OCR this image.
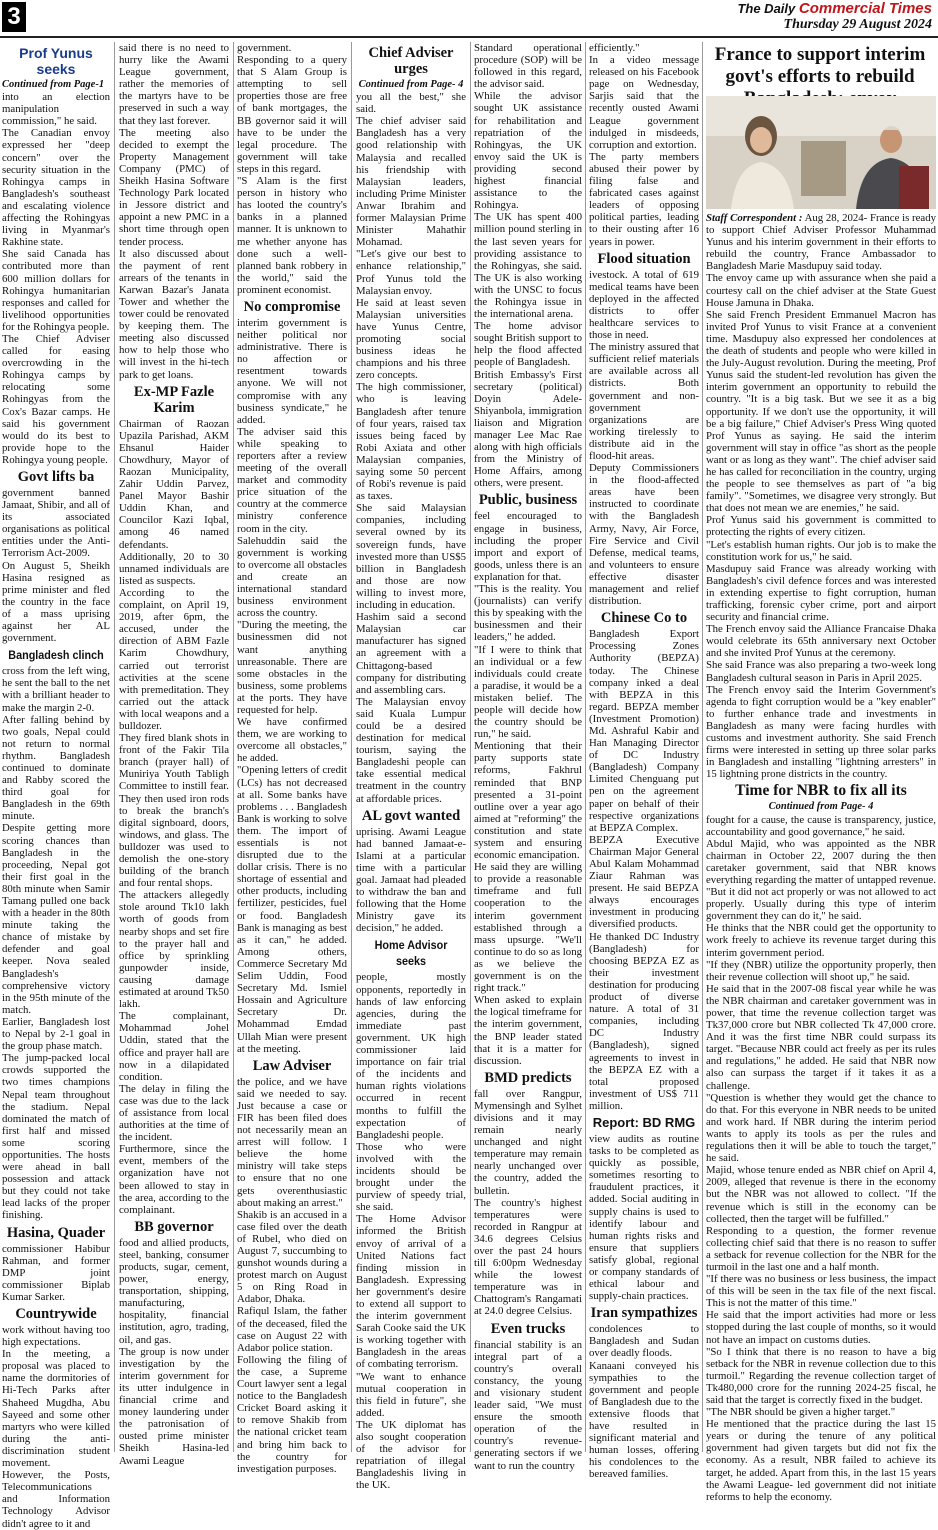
3	The Daily Commercial Times
Thursday 29 August 2024
Prof Yunus seeks
Continued from Page-1

into an election manipulation commission," he said.

The Canadian envoy expressed her "deep concern" over the security situation in the Rohingya camps in Bangladesh's southeast and escalating violence affecting the Rohingyas living in Myanmar's Rakhine state.

She said Canada has contributed more than 600 million dollars for Rohingya humanitarian responses and called for livelihood opportunities for the Rohingya people.

The Chief Adviser called for easing overcrowding in the Rohingya camps by relocating some Rohingyas from the Cox's Bazar camps. He said his government would do its best to provide hope to the Rohingya young people.

Govt lifts ba

government banned Jamaat, Shibir, and all of its associated organisations as political entities under the Anti-Terrorism Act-2009.

On August 5, Sheikh Hasina resigned as prime minister and fled the country in the face of a mass uprising against her AL government.

Bangladesh clinch

cross from the left wing, he sent the ball to the net with a brilliant header to make the margin 2-0.

After falling behind by two goals, Nepal could not return to normal rhythm. Bangladesh continued to dominate and Rabby scored the third goal for Bangladesh in the 69th minute.

Despite getting more scoring chances than Bangladesh in the proceeding, Nepal got their first goal in the 80th minute when Samir Tamang pulled one back with a header in the 80th minute taking the chance of mistake by defender and goal keeper. Nova sealed Bangladesh's comprehensive victory in the 95th minute of the match.

Earlier, Bangladesh lost to Nepal by 2-1 goal in the group phase match.

The jump-packed local crowds supported the two times champions Nepal team throughout the stadium. Nepal dominated the match of first half and missed some scoring opportunities. The hosts were ahead in ball possession and attack but they could not take lead lacks of the proper finishing.

Hasina, Quader

commissioner Habibur Rahman, and former DMP joint commissioner Biplab Kumar Sarker.

Countrywide

work without having too high expectations.

In the meeting, a proposal was placed to name the dormitories of Hi-Tech Parks after Shaheed Mugdha, Abu Sayeed and some other martyrs who were killed during the anti-discrimination student movement.

However, the Posts, Telecommunications and Information Technology Advisor didn't agree to it and

said there is no need to hurry like the Awami League government, rather the memories of the martyrs have to be preserved in such a way that they last forever.

The meeting also decided to exempt the Property Management Company (PMC) of Sheikh Hasina Software Technology Park located in Jessore district and appoint a new PMC in a short time through open tender process.

It also discussed about the payment of rent arrears of the tenants in Karwan Bazar's Janata Tower and whether the tower could be renovated by keeping them. The meeting also discussed how to help those who will invest in the hi-tech park to get loans.

Ex-MP Fazle Karim

Chairman of Raozan Upazila Parishad, AKM Ehsanul Haider Chowdhury, Mayor of Raozan Municipality, Zahir Uddin Parvez, Panel Mayor Bashir Uddin Khan, and Councilor Kazi Iqbal, among 46 named defendants.

Additionally, 20 to 30 unnamed individuals are listed as suspects.

According to the complaint, on April 19, 2019, after 6pm, the accused, under the direction of ABM Fazle Karim Chowdhury, carried out terrorist activities at the scene with premeditation. They carried out the attack with local weapons and a bulldozer.

They fired blank shots in front of the Fakir Tila branch (prayer hall) of Muniriya Youth Tabligh Committee to instill fear. They then used iron rods to break the branch's digital signboard, doors, windows, and glass. The bulldozer was used to demolish the one-story building of the branch and four rental shops.

The attackers allegedly stole around Tk10 lakh worth of goods from nearby shops and set fire to the prayer hall and office by sprinkling gunpowder inside, causing damage estimated at around Tk50 lakh.

The complainant, Mohammad Johel Uddin, stated that the office and prayer hall are now in a dilapidated condition.

The delay in filing the case was due to the lack of assistance from local authorities at the time of the incident.

Furthermore, since the event, members of the organization have not been allowed to stay in the area, according to the complainant.

BB governor

food and allied products, steel, banking, consumer products, sugar, cement, power, energy, transportation, shipping, manufacturing, hospitality, financial institution, agro, trading, oil, and gas.

The group is now under investigation by the interim government for its utter indulgence in financial crime and money laundering under the patronisation of ousted prime minister Sheikh Hasina-led Awami League

government.

Responding to a query that S Alam Group is attempting to sell properties those are free of bank mortgages, the BB governor said it will have to be under the legal procedure. The government will take steps in this regard.

"S Alam is the first person in history who has looted the country's banks in a planned manner. It is unknown to me whether anyone has done such a well-planned bank robbery in the world," said the prominent economist.

No compromise

interim government is neither political nor administrative. There is no affection or resentment towards anyone. We will not compromise with any business syndicate," he added.

The adviser said this while speaking to reporters after a review meeting of the overall market and commodity price situation of the country at the commerce ministry conference room in the city.

Salehuddin said the government is working to overcome all obstacles and create an international standard business environment across the country.

"During the meeting, the businessmen did not want anything unreasonable. There are some obstacles in the business, some problems at the ports. They have requested for help.

We have confirmed them, we are working to overcome all obstacles," he added.

"Opening letters of credit (LCs) has not decreased at all. Some banks have problems . . . Bangladesh Bank is working to solve them. The import of essentials is not disrupted due to the dollar crisis. There is no shortage of essential and other products, including fertilizer, pesticides, fuel or food. Bangladesh Bank is managing as best as it can," he added. Among others, Commerce Secretary Md Selim Uddin, Food Secretary Md. Ismiel Hossain and Agriculture Secretary Dr. Mohammad Emdad Ullah Mian were present at the meeting.

Law Adviser

the police, and we have said we needed to say. Just because a case or FIR has been filed does not necessarily mean an arrest will follow. I believe the home ministry will take steps to ensure that no one gets overenthusiastic about making an arrest."

Shakib is an accused in a case filed over the death of Rubel, who died on August 7, succumbing to gunshot wounds during a protest march on August 5 on Ring Road in Adabor, Dhaka.

Rafiqul Islam, the father of the deceased, filed the case on August 22 with Adabor police station.

Following the filing of the case, a Supreme Court lawyer sent a legal notice to the Bangladesh Cricket Board asking it to remove Shakib from the national cricket team and bring him back to the country for investigation purposes.

Chief Adviser urges
Continued from Page- 4

you all the best," she said.

The chief adviser said Bangladesh has a very good relationship with Malaysia and recalled his friendship with Malaysian leaders, including Prime Minister Anwar Ibrahim and former Malaysian Prime Minister Mahathir Mohamad.

"Let's give our best to enhance relationship," Prof Yunus told the Malaysian envoy.

He said at least seven Malaysian universities have Yunus Centre, promoting social business ideas he champions and his three zero concepts.

The high commissioner, who is leaving Bangladesh after tenure of four years, raised tax issues being faced by Robi Axiata and other Malaysian companies, saying some 50 percent of Robi's revenue is paid as taxes.

She said Malaysian companies, including several owned by its sovereign funds, have invested more than US$5 billion in Bangladesh and those are now willing to invest more, including in education.

Hashim said a second Malaysian car manufacturer has signed an agreement with a Chittagong-based company for distributing and assembling cars.

The Malaysian envoy said Kuala Lumpur could be a desired destination for medical tourism, saying the Bangladeshi people can take essential medical treatment in the country at affordable prices.

AL govt wanted

uprising. Awami League had banned Jamaat-e-Islami at a particular time with a particular goal. Jamaat had pleaded to withdraw the ban and following that the Home Ministry gave its decision," he added.

Home Advisor seeks

people, mostly opponents, reportedly in hands of law enforcing agencies, during the immediate past government. UK high commissioner laid importance on fair trial of the incidents and human rights violations occurred in recent months to fulfill the expectation of Bangladeshi people.

Those who were involved with the incidents should be brought under the purview of speedy trial, she said.

The Home Advisor informed the British envoy of arrival of a United Nations fact finding mission in Bangladesh. Expressing her government's desire to extend all support to the interim government Sarah Cooke said the UK is working together with Bangladesh in the areas of combating terrorism.

"We want to enhance mutual cooperation in this field in future", she added.

The UK diplomat has also sought cooperation of the advisor for repatriation of illegal Bangladeshis living in the UK.

Standard operational procedure (SOP) will be followed in this regard, the advisor said.

While the advisor sought UK assistance for rehabilitation and repatriation of the Rohingyas, the UK envoy said the UK is providing second highest financial assistance to the Rohingya.

The UK has spent 400 million pound sterling in the last seven years for providing assistance to the Rohingyas, she said. The UK is also working with the UNSC to focus the Rohingya issue in the international arena.

The home advisor sought British support to help the flood affected people of Bangladesh.

British Embassy's First secretary (political) Doyin Adele-Shiyanbola, immigration liaison and Migration manager Lee Mac Rae along with high officials from the Ministry of Home Affairs, among others, were present.

Public, business

feel encouraged to engage in business, including the proper import and export of goods, unless there is an explanation for that.

"This is the reality. You (journalists) can verify this by speaking with the businessmen and their leaders," he added.

"If I were to think that an individual or a few individuals could create a paradise, it would be a mistaken belief. The people will decide how the country should be run," he said.

Mentioning that their party supports state reforms, Fakhrul reminded that BNP presented a 31-point outline over a year ago aimed at "reforming" the constitution and state system and ensuring economic emancipation.

He said they are willing to provide a reasonable timeframe and full cooperation to the interim government established through a mass upsurge. "We'll continue to do so as long as we believe the government is on the right track."

When asked to explain the logical timeframe for the interim government, the BNP leader stated that it is a matter for discussion.

BMD predicts

fall over Rangpur, Mymensingh and Sylhet divisions and it may remain nearly unchanged and night temperature may remain nearly unchanged over the country, added the bulletin.

The country's highest temperatures were recorded in Rangpur at 34.6 degrees Celsius over the past 24 hours till 6:00pm Wednesday while the lowest temperature was in Chattogram's Rangamati at 24.0 degree Celsius.

Even trucks

financial stability is an integral part of a country's overall constancy, the young and visionary student leader said, "We must ensure the smooth operation of the country's revenue-generating sectors if we want to run the country

efficiently."

In a video message released on his Facebook page on Wednesday, Sarjis said that the recently ousted Awami League government indulged in misdeeds, corruption and extortion.

The party members abused their power by filing false and fabricated cases against leaders of opposing political parties, leading to their ousting after 16 years in power.

Flood situation

ivestock. A total of 619 medical teams have been deployed in the affected districts to offer healthcare services to those in need.

The ministry assured that sufficient relief materials are available across all districts. Both government and non-government organizations are working tirelessly to distribute aid in the flood-hit areas.

Deputy Commissioners in the flood-affected areas have been instructed to coordinate with the Bangladesh Army, Navy, Air Force, Fire Service and Civil Defense, medical teams, and volunteers to ensure effective disaster management and relief distribution.

Chinese Co to

Bangladesh Export Processing Zones Authority (BEPZA) today. The Chinese company inked a deal with BEPZA in this regard. BEPZA member (Investment Promotion) Md. Ashraful Kabir and Han Managing Director of DC Industry (Bangladesh) Company Limited Chenguang put pen on the agreement paper on behalf of their respective organizations at BEPZA Complex.

BEPZA Executive Chairman Major General Abul Kalam Mohammad Ziaur Rahman was present. He said BEPZA always encourages investment in producing diversified products.

He thanked DC Industry (Bangladesh) for choosing BEPZA EZ as their investment destination for producing product of diverse nature. A total of 31 companies, including DC Industry (Bangladesh), signed agreements to invest in the BEPZA EZ with a total proposed investment of US$ 711 million.

Report: BD RMG

view audits as routine tasks to be completed as quickly as possible, sometimes resorting to fraudulent practices, it added. Social auditing in supply chains is used to identify labour and human rights risks and ensure that suppliers satisfy global, regional or company standards of ethical labour and supply-chain practices.

Iran sympathizes

condolences to Bangladesh and Sudan over deadly floods.

Kanaani conveyed his sympathies to the government and people of Bangladesh due to the extensive floods that have resulted in significant material and human losses, offering his condolences to the bereaved families.

France to support interim govt's efforts to rebuild

Staff Correspondent : Aug 28, 2024- France is ready to support Chief Adviser Professor Muhammad Yunus and his interim government in their efforts to rebuild the country, France Ambassador to Bangladesh Marie Masdupuy said today.

The envoy came up with assurance when she paid a courtesy call on the chief adviser at the State Guest House Jamuna in Dhaka.

She said French President Emmanuel Macron has invited Prof Yunus to visit France at a convenient time. Masdupuy also expressed her condolences at the death of students and people who were killed in the July-August revolution. During the meeting, Prof Yunus said the student-led revolution has given the interim government an opportunity to rebuild the country. "It is a big task. But we see it as a big opportunity. If we don't use the opportunity, it will be a big failure," Chief Adviser's Press Wing quoted Prof Yunus as saying. He said the interim government will stay in office "as short as the people want or as long as they want". The chief adviser said he has called for reconciliation in the country, urging the people to see themselves as part of "a big family". "Sometimes, we disagree very strongly. But that does not mean we are enemies," he said.

Prof Yunus said his government is committed to protecting the rights of every citizen.

"Let's establish human rights. Our job is to make the constitution work for us," he said.

Masdupuy said France was already working with Bangladesh's civil defence forces and was interested in extending expertise to fight corruption, human trafficking, forensic cyber crime, port and airport security and financial crime.

The French envoy said the Alliance Francaise Dhaka would celebrate its 65th anniversary next October and she invited Prof Yunus at the ceremony.

She said France was also preparing a two-week long Bangladesh cultural season in Paris in April 2025.

The French envoy said the Interim Government's agenda to fight corruption would be a "key enabler" to further enhance trade and investments in Bangladesh as many were facing hurdles with customs and investment authority. She said French firms were interested in setting up three solar parks in Bangladesh and installing "lightning arresters" in 15 lightning prone districts in the country.

Time for NBR to fix all its
Continued from Page- 4

fought for a cause, the cause is transparency, justice, accountability and good governance," he said.

Abdul Majid, who was appointed as the NBR chairman in October 22, 2007 during the then caretaker government, said that NBR knows everything regarding the matter of untapped revenue. "But it did not act properly or was not allowed to act properly. Usually during this type of interim government they can do it," he said.

He thinks that the NBR could get the opportunity to work freely to achieve its revenue target during this interim government period.

"If they (NBR) utilize the opportunity properly, then their revenue collection will shoot up," he said.

He said that in the 2007-08 fiscal year while he was the NBR chairman and caretaker government was in power, that time the revenue collection target was Tk37,000 crore but NBR collected Tk 47,000 crore. And it was the first time NBR could surpass its target. "Because NBR could act freely as per its rules and regulations," he added. He said that NBR now also can surpass the target if it takes it as a challenge.

"Question is whether they would get the chance to do that. For this everyone in NBR needs to be united and work hard. If NBR during the interim period wants to apply its tools as per the rules and regulations then it will be able to touch the target," he said.

Majid, whose tenure ended as NBR chief on April 4, 2009, alleged that revenue is there in the economy but the NBR was not allowed to collect. "If the revenue which is still in the economy can be collected, then the target will be fulfilled."

Responding to a question, the former revenue collecting chief said that there is no reason to suffer a setback for revenue collection for the NBR for the turmoil in the last one and a half month.

"If there was no business or less business, the impact of this will be seen in the tax file of the next fiscal. This is not the matter of this time."

He said that the import activities had more or less stopped during the last couple of months, so it would not have an impact on customs duties.

"So I think that there is no reason to have a big setback for the NBR in revenue collection due to this turmoil." Regarding the revenue collection target of Tk480,000 crore for the running 2024-25 fiscal, he said that the target is correctly fixed in the budget.

"The NBR should be given a higher target."

He mentioned that the practice during the last 15 years or during the tenure of any political government had given targets but did not fix the economy. As a result, NBR failed to achieve its target, he added. Apart from this, in the last 15 years the Awami League- led government did not initiate reforms to help the economy.
